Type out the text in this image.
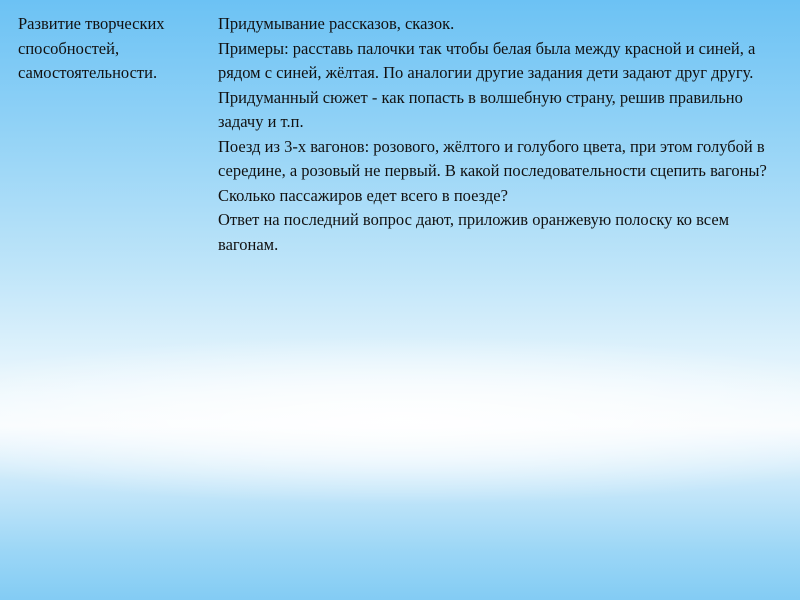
Развитие творческих
способностей,
самостоятельности.

Придумывание рассказов, сказок.

Примеры: расставь палочки так чтобы белая была между красной и синей, а рядом с синей, жёлтая. По аналогии другие задания дети задают друг другу.

Придуманный сюжет - как попасть в волшебную страну, решив правильно задачу и т.п.

Поезд из 3-х вагонов: розового, жёлтого и голубого цвета, при этом голубой в середине, а розовый не первый. В какой последовательности сцепить вагоны? Сколько пассажиров едет всего в поезде?

Ответ на последний вопрос дают, приложив оранжевую полоску ко всем вагонам.
